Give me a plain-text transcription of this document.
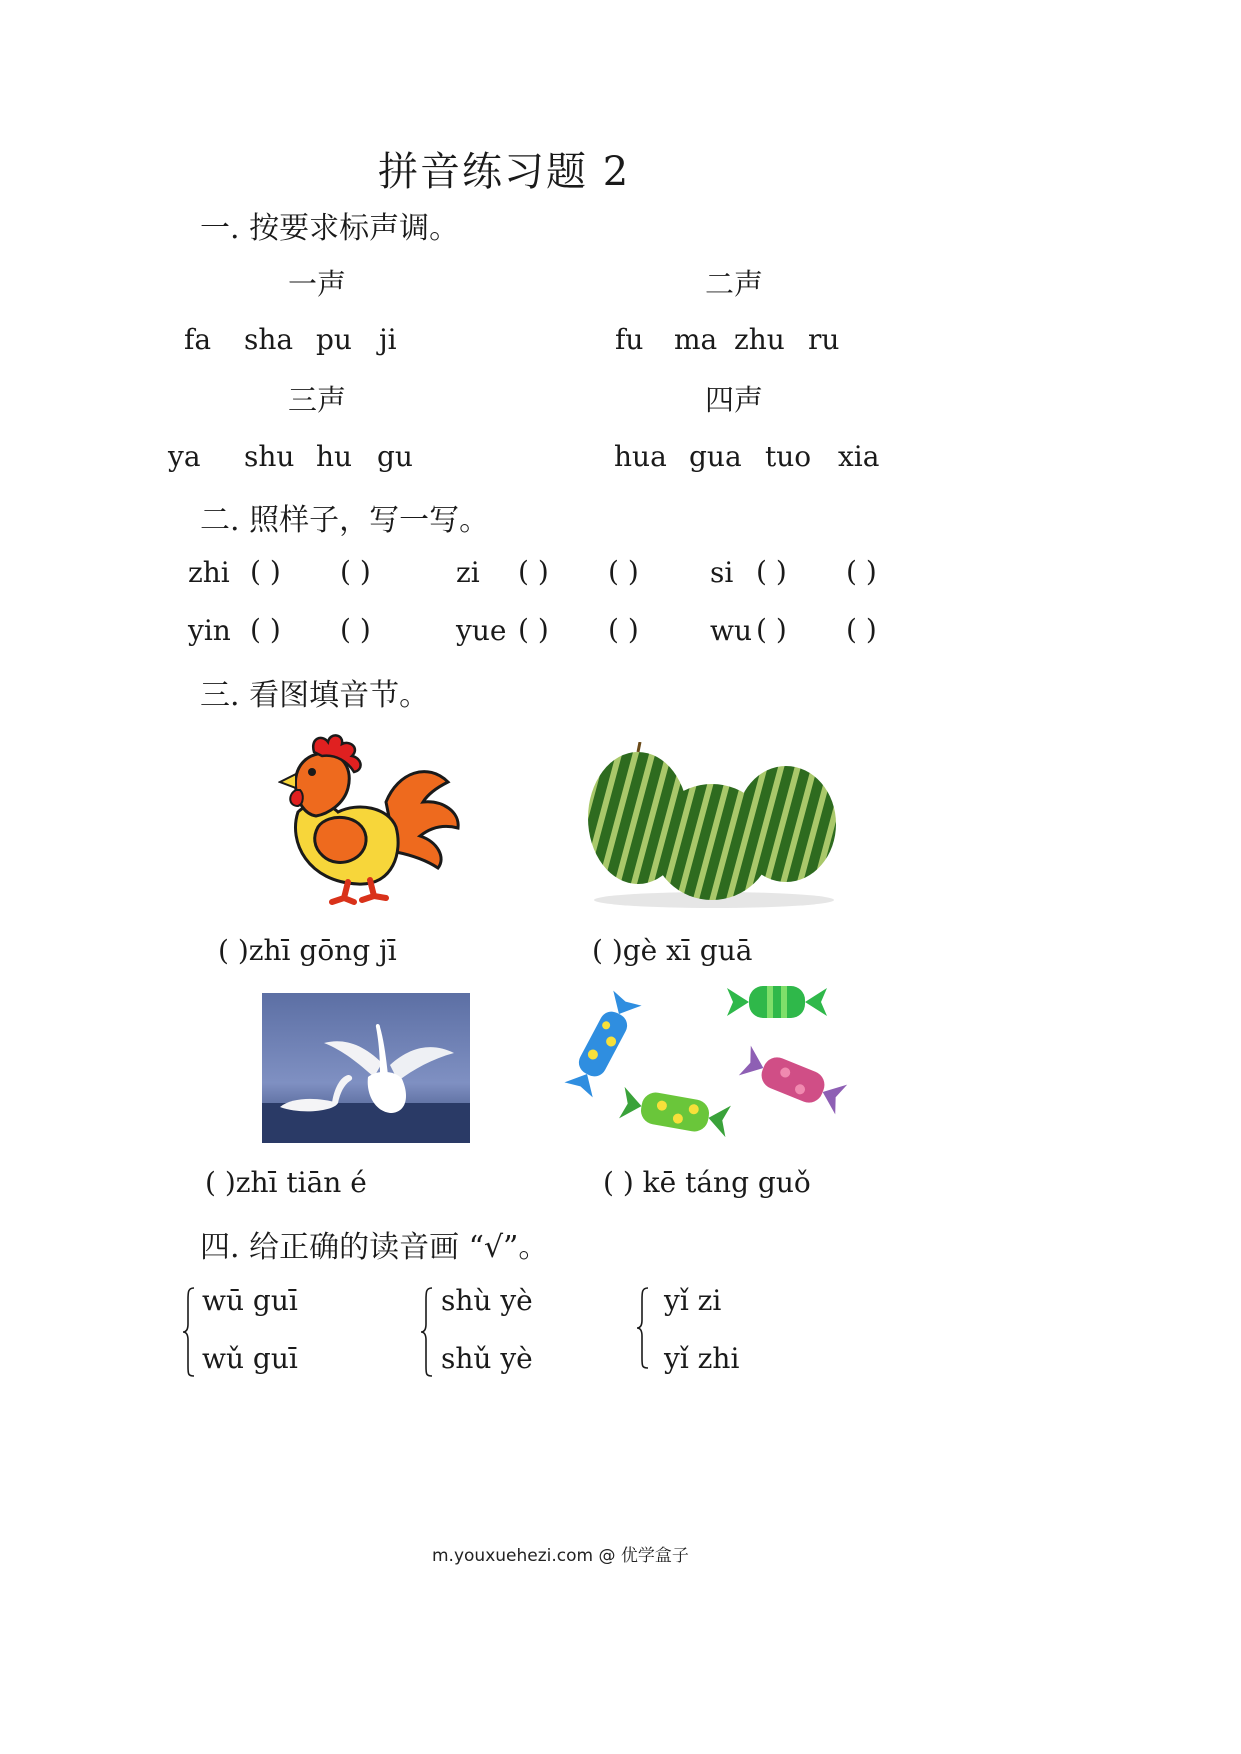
拼音练习题 2
一. 按要求标声调。
一声	二声
fa sha pu ji	fu ma zhu ru
三声	四声
ya shu hu gu	hua gua tuo xia
二. 照样子，写一写。
zhi ( ) ( )	zi ( ) ( )	si ( ) ( )
yin ( ) ( )	yue ( ) ( )	wu ( ) ( )
三. 看图填音节。
( )zhī gōng jī	( )gè xī guā
( )zhī tiān é	( ) kē táng guǒ
四. 给正确的读音画 “√”。
wū guī
wǔ guī
shù yè
shǔ yè
yǐ zi
yǐ zhi
m.youxuehezi.com @ 优学盒子
